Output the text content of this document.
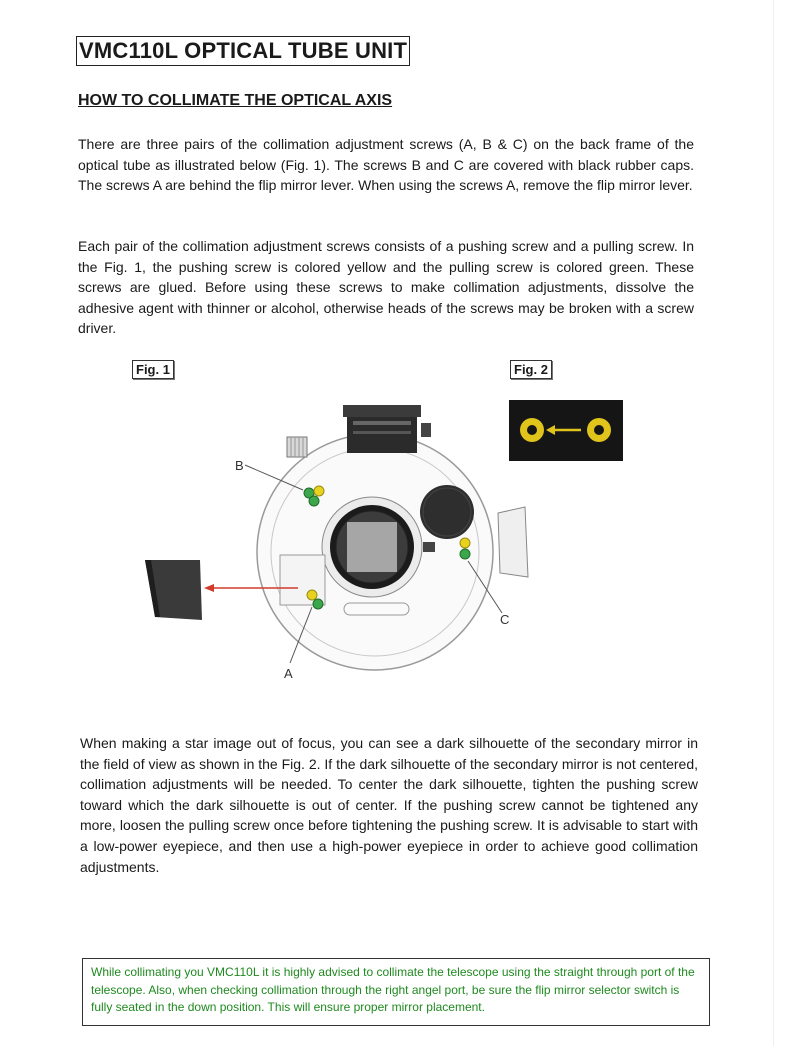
VMC110L OPTICAL TUBE UNIT
HOW TO COLLIMATE THE OPTICAL AXIS

There are three pairs of the collimation adjustment screws (A, B & C) on the back frame of the optical tube as illustrated below (Fig. 1). The screws B and C are covered with black rubber caps. The screws A are behind the flip mirror lever. When using the screws A, remove the flip mirror lever.

Each pair of the collimation adjustment screws consists of a pushing screw and a pulling screw. In the Fig. 1, the pushing screw is colored yellow and the pulling screw is colored green. These screws are glued. Before using these screws to make collimation adjustments, dissolve the adhesive agent with thinner or alcohol, otherwise heads of the screws may be broken with a screw driver.

Fig. 1	Fig. 2
B
C
A

When making a star image out of focus, you can see a dark silhouette of the secondary mirror in the field of view as shown in the Fig. 2. If the dark silhouette of the secondary mirror is not centered, collimation adjustments will be needed. To center the dark silhouette, tighten the pushing screw toward which the dark silhouette is out of center. If the pushing screw cannot be tightened any more, loosen the pulling screw once before tightening the pushing screw. It is advisable to start with a low-power eyepiece, and then use a high-power eyepiece in order to achieve good collimation adjustments.

While collimating you VMC110L it is highly advised to collimate the telescope using the straight through port of the telescope. Also, when checking collimation through the right angel port, be sure the flip mirror selector switch is fully seated in the down position. This will ensure proper mirror placement.
